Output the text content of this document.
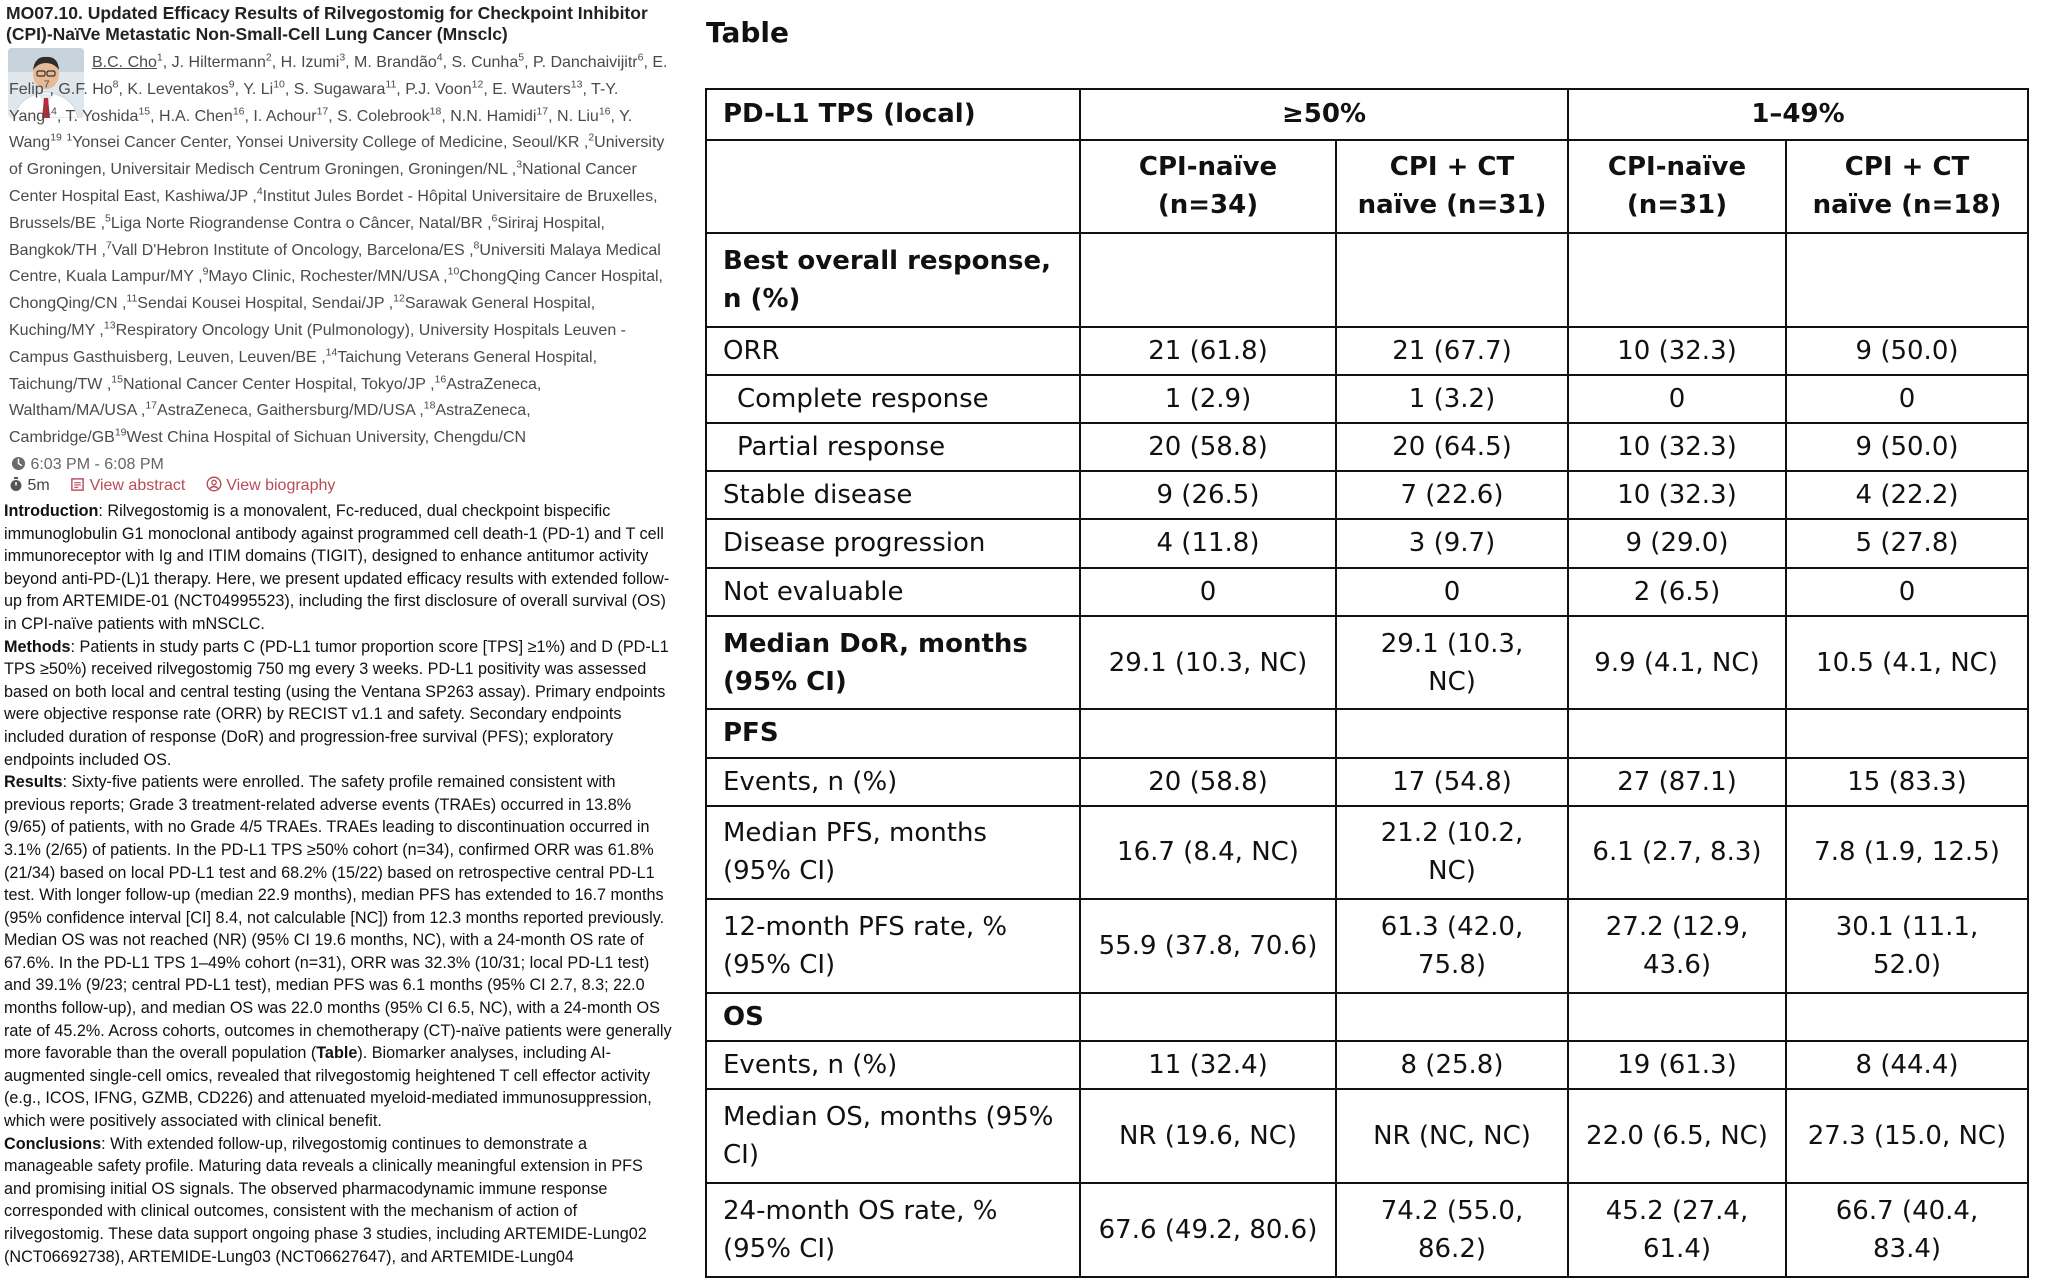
MO07.10. Updated Efficacy Results of Rilvegostomig for Checkpoint Inhibitor (CPI)-NaïVe Metastatic Non-Small-Cell Lung Cancer (Mnsclc)
B.C. Cho$^1$, J. Hiltermann$^2$, H. Izumi$^3$, M. Brandão$^4$, S. Cunha$^5$, P. Danchaivijitr$^6$, E. Felip$^7$, G.F. Ho$^8$, K. Leventakos$^9$, Y. Li$^{10}$, S. Sugawara$^{11}$, P.J. Voon$^{12}$, E. Wauters$^{13}$, T-Y. Yang$^{14}$, T. Yoshida$^{15}$, H.A. Chen$^{16}$, I. Achour$^{17}$, S. Colebrook$^{18}$, N.N. Hamidi$^{17}$, N. Liu$^{16}$, Y. Wang$^{19}$ $^1$Yonsei Cancer Center, Yonsei University College of Medicine, Seoul/KR ,$^2$University of Groningen, Universitair Medisch Centrum Groningen, Groningen/NL ,$^3$National Cancer Center Hospital East, Kashiwa/JP ,$^4$Institut Jules Bordet - Hôpital Universitaire de Bruxelles, Brussels/BE ,$^5$Liga Norte Riograndense Contra o Câncer, Natal/BR ,$^6$Siriraj Hospital, Bangkok/TH ,$^7$Vall D'Hebron Institute of Oncology, Barcelona/ES ,$^8$Universiti Malaya Medical Centre, Kuala Lampur/MY ,$^9$Mayo Clinic, Rochester/MN/USA ,$^{10}$ChongQing Cancer Hospital, ChongQing/CN ,$^{11}$Sendai Kousei Hospital, Sendai/JP ,$^{12}$Sarawak General Hospital, Kuching/MY ,$^{13}$Respiratory Oncology Unit (Pulmonology), University Hospitals Leuven - Campus Gasthuisberg, Leuven, Leuven/BE ,$^{14}$Taichung Veterans General Hospital, Taichung/TW ,$^{15}$National Cancer Center Hospital, Tokyo/JP ,$^{16}$AstraZeneca, Waltham/MA/USA ,$^{17}$AstraZeneca, Gaithersburg/MD/USA ,$^{18}$AstraZeneca, Cambridge/GB$^{19}$West China Hospital of Sichuan University, Chengdu/CN  6:03 PM - 6:08 PM
5m View abstract	View biography

Introduction: Rilvegostomig is a monovalent, Fc-reduced, dual checkpoint bispecific immunoglobulin G1 monoclonal antibody against programmed cell death-1 (PD-1) and T cell immunoreceptor with Ig and ITIM domains (TIGIT), designed to enhance antitumor activity beyond anti-PD-(L)1 therapy. Here, we present updated efficacy results with extended follow-up from ARTEMIDE-01 (NCT04995523), including the first disclosure of overall survival (OS) in CPI-naïve patients with mNSCLC.

Methods: Patients in study parts C (PD-L1 tumor proportion score [TPS] ≥1%) and D (PD-L1 TPS ≥50%) received rilvegostomig 750 mg every 3 weeks. PD-L1 positivity was assessed based on both local and central testing (using the Ventana SP263 assay). Primary endpoints were objective response rate (ORR) by RECIST v1.1 and safety. Secondary endpoints included duration of response (DoR) and progression-free survival (PFS); exploratory endpoints included OS.

Results: Sixty-five patients were enrolled. The safety profile remained consistent with previous reports; Grade 3 treatment-related adverse events (TRAEs) occurred in 13.8% (9/65) of patients, with no Grade 4/5 TRAEs. TRAEs leading to discontinuation occurred in 3.1% (2/65) of patients. In the PD-L1 TPS ≥50% cohort (n=34), confirmed ORR was 61.8% (21/34) based on local PD-L1 test and 68.2% (15/22) based on retrospective central PD-L1 test. With longer follow-up (median 22.9 months), median PFS has extended to 16.7 months (95% confidence interval [CI] 8.4, not calculable [NC]) from 12.3 months reported previously. Median OS was not reached (NR) (95% CI 19.6 months, NC), with a 24-month OS rate of 67.6%. In the PD-L1 TPS 1–49% cohort (n=31), ORR was 32.3% (10/31; local PD-L1 test) and 39.1% (9/23; central PD-L1 test), median PFS was 6.1 months (95% CI 2.7, 8.3; 22.0 months follow-up), and median OS was 22.0 months (95% CI 6.5, NC), with a 24-month OS rate of 45.2%. Across cohorts, outcomes in chemotherapy (CT)-naïve patients were generally more favorable than the overall population (Table). Biomarker analyses, including AI-augmented single-cell omics, revealed that rilvegostomig heightened T cell effector activity (e.g., ICOS, IFNG, GZMB, CD226) and attenuated myeloid-mediated immunosuppression, which were positively associated with clinical benefit.

Conclusions: With extended follow-up, rilvegostomig continues to demonstrate a manageable safety profile. Maturing data reveals a clinically meaningful extension in PFS and promising initial OS signals. The observed pharmacodynamic immune response corresponded with clinical outcomes, consistent with the mechanism of action of rilvegostomig. These data support ongoing phase 3 studies, including ARTEMIDE-Lung02 (NCT06692738), ARTEMIDE-Lung03 (NCT06627647), and ARTEMIDE-Lung04

Table
PD-L1 TPS (local)	≥50%		1–49%	
	CPI-naïve (n=34)	CPI + CT naïve (n=31)	CPI-naïve (n=31)	CPI + CT naïve (n=18)
Best overall response, n (%)				
ORR	21 (61.8)	21 (67.7)	10 (32.3)	9 (50.0)
Complete response	1 (2.9)	1 (3.2)	0	0
Partial response	20 (58.8)	20 (64.5)	10 (32.3)	9 (50.0)
Stable disease	9 (26.5)	7 (22.6)	10 (32.3)	4 (22.2)
Disease progression	4 (11.8)	3 (9.7)	9 (29.0)	5 (27.8)
Not evaluable	0	0	2 (6.5)	0
Median DoR, months (95% CI)	29.1 (10.3, NC)	29.1 (10.3, NC)	9.9 (4.1, NC)	10.5 (4.1, NC)
PFS				
Events, n (%)	20 (58.8)	17 (54.8)	27 (87.1)	15 (83.3)
Median PFS, months (95% CI)	16.7 (8.4, NC)	21.2 (10.2, NC)	6.1 (2.7, 8.3)	7.8 (1.9, 12.5)
12-month PFS rate, % (95% CI)	55.9 (37.8, 70.6)	61.3 (42.0, 75.8)	27.2 (12.9, 43.6)	30.1 (11.1, 52.0)
OS				
Events, n (%)	11 (32.4)	8 (25.8)	19 (61.3)	8 (44.4)
Median OS, months (95% CI)	NR (19.6, NC)	NR (NC, NC)	22.0 (6.5, NC)	27.3 (15.0, NC)
24-month OS rate, % (95% CI)	67.6 (49.2, 80.6)	74.2 (55.0, 86.2)	45.2 (27.4, 61.4)	66.7 (40.4, 83.4)
